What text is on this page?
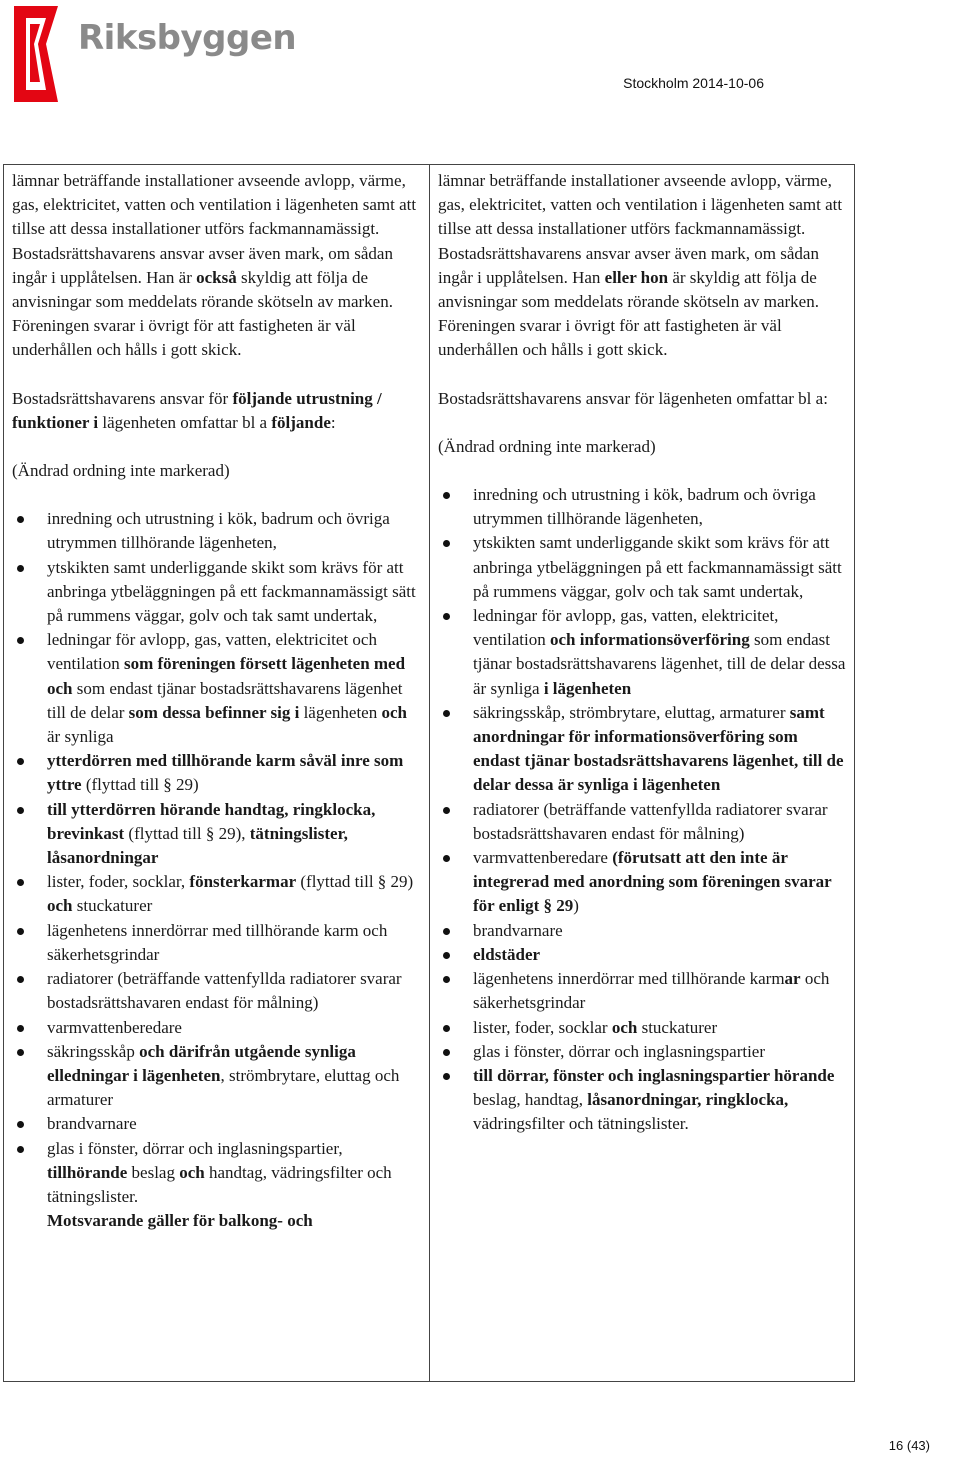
Riksbyggen
Stockholm 2014-10-06

lämnar beträffande installationer avseende avlopp, värme, gas, elektricitet, vatten och ventilation i lägenheten samt att tillse att dessa installationer utförs fackmannamässigt. Bostadsrättshavarens ansvar avser även mark, om sådan ingår i upplåtelsen. Han är också skyldig att följa de anvisningar som meddelats rörande skötseln av marken. Föreningen svarar i övrigt för att fastigheten är väl underhållen och hålls i gott skick.

Bostadsrättshavarens ansvar för följande utrustning / funktioner i lägenheten omfattar bl a följande:

(Ändrad ordning inte markerad)

inredning och utrustning i kök, badrum och övriga utrymmen tillhörande lägenheten,
ytskikten samt underliggande skikt som krävs för att anbringa ytbeläggningen på ett fackmannamässigt sätt på rummens väggar, golv och tak samt undertak,
ledningar för avlopp, gas, vatten, elektricitet och ventilation som föreningen försett lägenheten med och som endast tjänar bostadsrättshavarens lägenhet till de delar som dessa befinner sig i lägenheten och är synliga
ytterdörren med tillhörande karm såväl inre som yttre (flyttad till § 29)
till ytterdörren hörande handtag, ringklocka, brevinkast (flyttad till § 29), tätningslister, låsanordningar
lister, foder, socklar, fönsterkarmar (flyttad till § 29) och stuckaturer
lägenhetens innerdörrar med tillhörande karm och säkerhetsgrindar
radiatorer (beträffande vattenfyllda radiatorer svarar bostadsrättshavaren endast för målning)
varmvattenberedare
säkringsskåp och därifrån utgående synliga elledningar i lägenheten, strömbrytare, eluttag och armaturer
brandvarnare
glas i fönster, dörrar och inglasningspartier, tillhörande beslag och handtag, vädringsfilter och tätningslister.

Motsvarande gäller för balkong- och

lämnar beträffande installationer avseende avlopp, värme, gas, elektricitet, vatten och ventilation i lägenheten samt att tillse att dessa installationer utförs fackmannamässigt. Bostadsrättshavarens ansvar avser även mark, om sådan ingår i upplåtelsen. Han eller hon är skyldig att följa de anvisningar som meddelats rörande skötseln av marken. Föreningen svarar i övrigt för att fastigheten är väl underhållen och hålls i gott skick.

Bostadsrättshavarens ansvar för lägenheten omfattar bl a:

(Ändrad ordning inte markerad)

inredning och utrustning i kök, badrum och övriga utrymmen tillhörande lägenheten,
ytskikten samt underliggande skikt som krävs för att anbringa ytbeläggningen på ett fackmannamässigt sätt på rummens väggar, golv och tak samt undertak,
ledningar för avlopp, gas, vatten, elektricitet, ventilation och informationsöverföring som endast tjänar bostadsrättshavarens lägenhet, till de delar dessa är synliga i lägenheten
säkringsskåp, strömbrytare, eluttag, armaturer samt anordningar för informationsöverföring som endast tjänar bostadsrättshavarens lägenhet, till de delar dessa är synliga i lägenheten
radiatorer (beträffande vattenfyllda radiatorer svarar bostadsrättshavaren endast för målning)
varmvattenberedare (förutsatt att den inte är integrerad med anordning som föreningen svarar för enligt § 29)
brandvarnare
eldstäder
lägenhetens innerdörrar med tillhörande karmar och säkerhetsgrindar
lister, foder, socklar och stuckaturer
glas i fönster, dörrar och inglasningspartier
till dörrar, fönster och inglasningspartier hörande beslag, handtag, låsanordningar, ringklocka, vädringsfilter och tätningslister.
16 (43)
